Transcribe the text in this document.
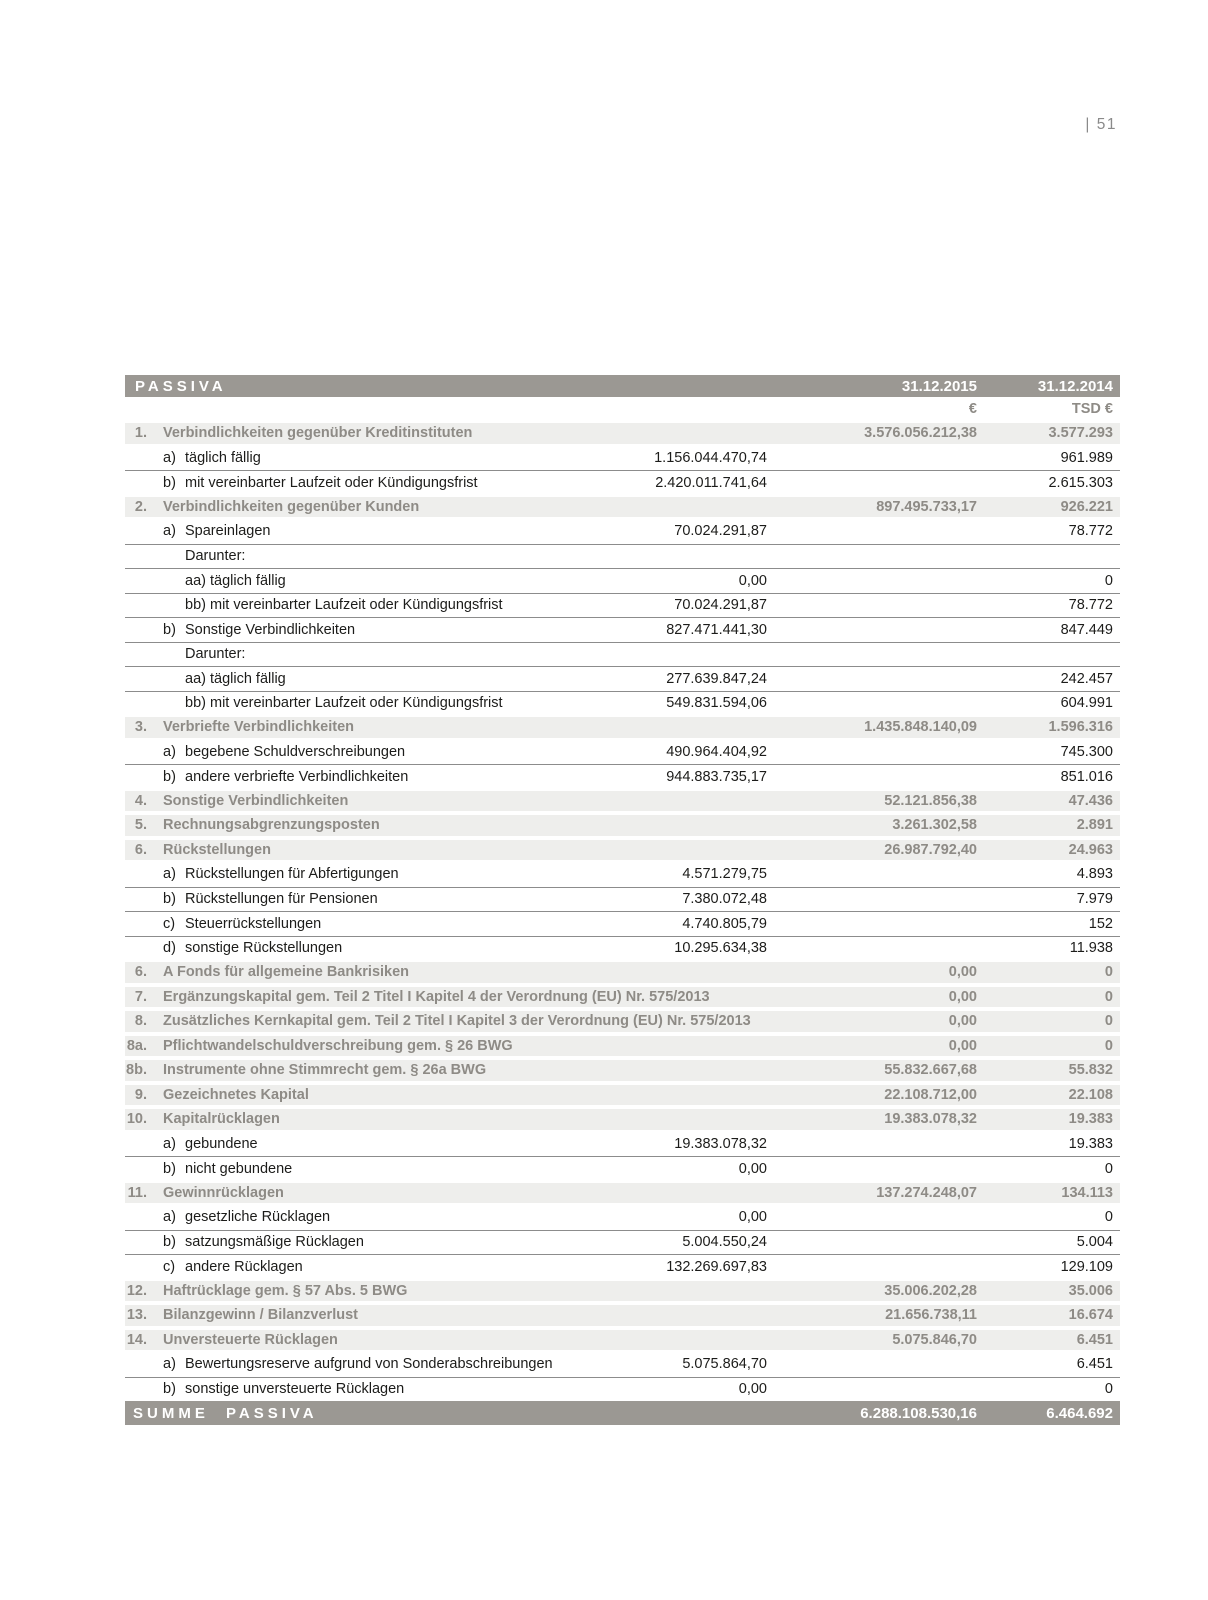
| 51
PASSIVA	31.12.2015	31.12.2014
€	TSD €
1. Verbindlichkeiten gegenüber Kreditinstituten	3.576.056.212,38	3.577.293
a) täglich fällig	1.156.044.470,74	961.989
b) mit vereinbarter Laufzeit oder Kündigungsfrist	2.420.011.741,64	2.615.303
2. Verbindlichkeiten gegenüber Kunden	897.495.733,17	926.221
a) Spareinlagen	70.024.291,87	78.772
Darunter:
aa) täglich fällig	0,00	0
bb) mit vereinbarter Laufzeit oder Kündigungsfrist	70.024.291,87	78.772
b) Sonstige Verbindlichkeiten	827.471.441,30	847.449
Darunter:
aa) täglich fällig	277.639.847,24	242.457
bb) mit vereinbarter Laufzeit oder Kündigungsfrist	549.831.594,06	604.991
3. Verbriefte Verbindlichkeiten	1.435.848.140,09	1.596.316
a) begebene Schuldverschreibungen	490.964.404,92	745.300
b) andere verbriefte Verbindlichkeiten	944.883.735,17	851.016
4. Sonstige Verbindlichkeiten	52.121.856,38	47.436
5. Rechnungsabgrenzungsposten	3.261.302,58	2.891
6. Rückstellungen	26.987.792,40	24.963
a) Rückstellungen für Abfertigungen	4.571.279,75	4.893
b) Rückstellungen für Pensionen	7.380.072,48	7.979
c) Steuerrückstellungen	4.740.805,79	152
d) sonstige Rückstellungen	10.295.634,38	11.938
6. A Fonds für allgemeine Bankrisiken	0,00	0
7. Ergänzungskapital gem. Teil 2 Titel I Kapitel 4 der Verordnung (EU) Nr. 575/2013	0,00	0
8. Zusätzliches Kernkapital gem. Teil 2 Titel I Kapitel 3 der Verordnung (EU) Nr. 575/2013	0,00	0
8a. Pflichtwandelschuldverschreibung gem. § 26 BWG	0,00	0
8b. Instrumente ohne Stimmrecht gem. § 26a BWG	55.832.667,68	55.832
9. Gezeichnetes Kapital	22.108.712,00	22.108
10. Kapitalrücklagen	19.383.078,32	19.383
a) gebundene	19.383.078,32	19.383
b) nicht gebundene	0,00	0
11. Gewinnrücklagen	137.274.248,07	134.113
a) gesetzliche Rücklagen	0,00	0
b) satzungsmäßige Rücklagen	5.004.550,24	5.004
c) andere Rücklagen	132.269.697,83	129.109
12. Haftrücklage gem. § 57 Abs. 5 BWG	35.006.202,28	35.006
13. Bilanzgewinn / Bilanzverlust	21.656.738,11	16.674
14. Unversteuerte Rücklagen	5.075.846,70	6.451
a) Bewertungsreserve aufgrund von Sonderabschreibungen	5.075.864,70	6.451
b) sonstige unversteuerte Rücklagen	0,00	0
SUMME PASSIVA	6.288.108.530,16	6.464.692
